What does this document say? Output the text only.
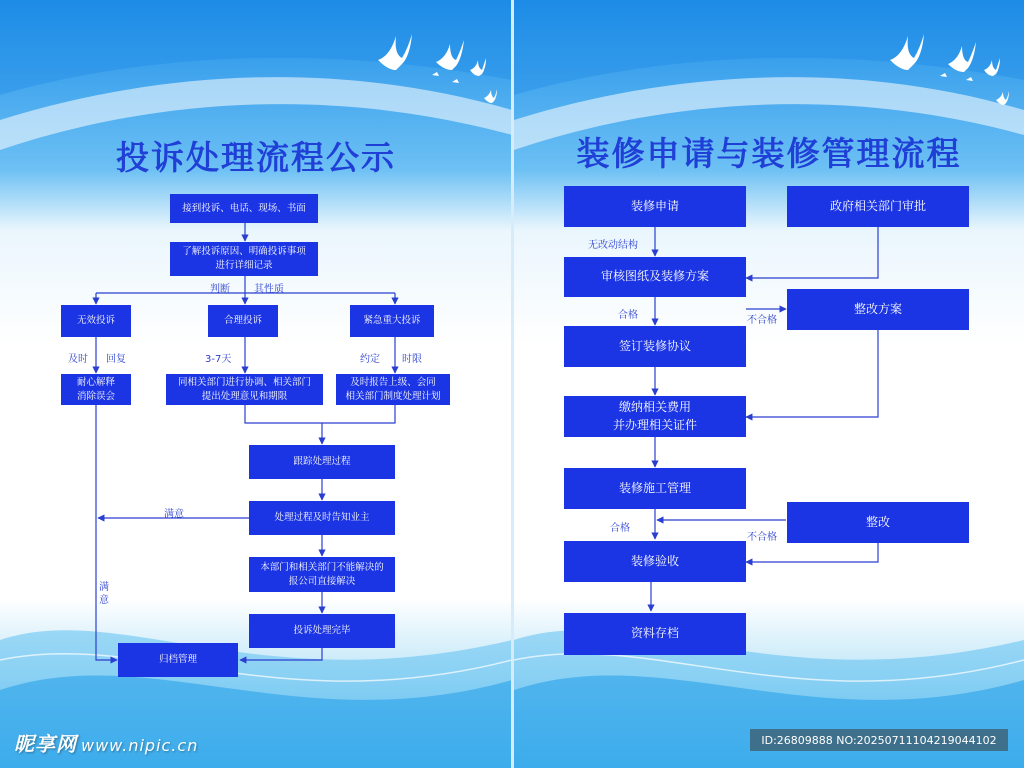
投诉处理流程公示
接到投诉、电话、现场、书面
了解投诉原因、明确投诉事项
进行详细记录
判断 其性质
无效投诉	合理投诉	紧急重大投诉
及时 回复	3-7天	约定 时限
耐心解释
消除误会
同相关部门进行协调、相关部门
提出处理意见和期限
及时报告上级、会同
相关部门制度处理计划
跟踪处理过程
满意	处理过程及时告知业主
本部门和相关部门不能解决的
报公司直接解决
投诉处理完毕
满
意
归档管理
昵享网 www.nipic.cn
装修申请与装修管理流程
装修申请	政府相关部门审批
无改动结构
审核图纸及装修方案
合格	不合格
整改方案
签订装修协议
缴纳相关费用
并办理相关证件
装修施工管理
合格
不合格
整改
装修验收
资料存档
ID:26809888 NO:20250711104219044102
